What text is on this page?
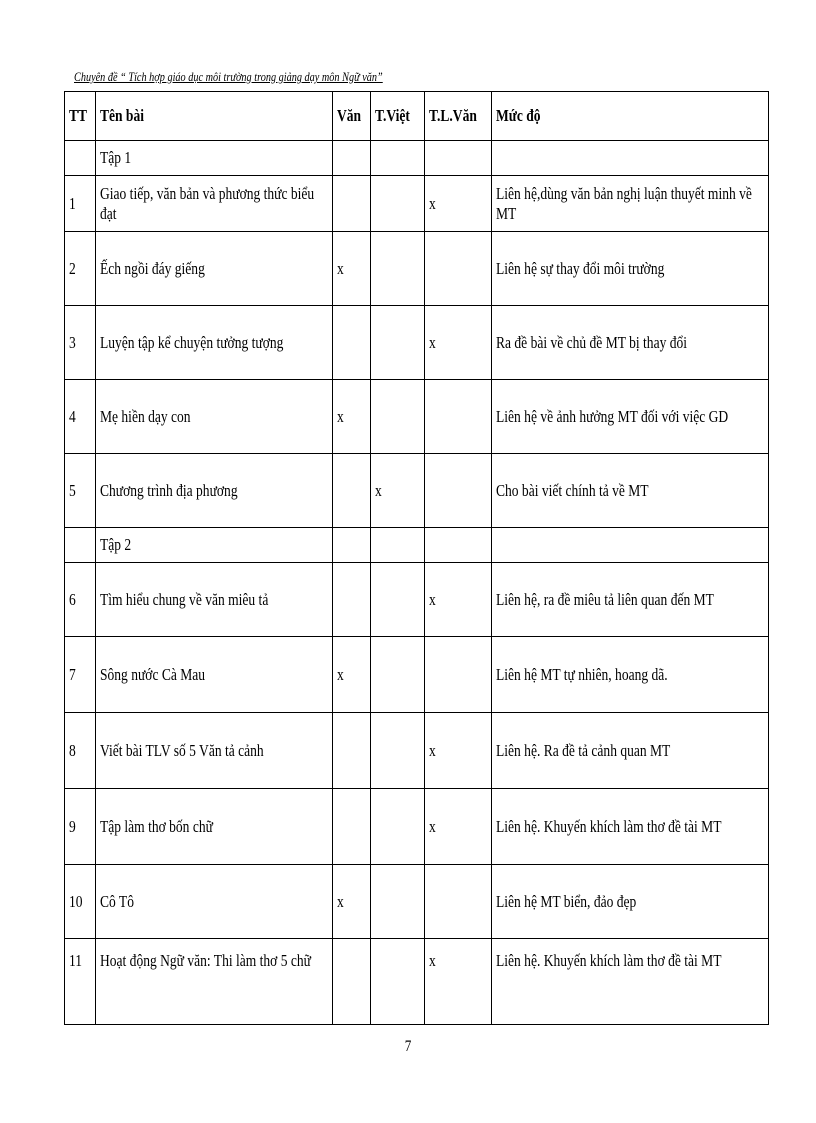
Chuyên đề “ Tích hợp giáo dục môi trường trong giảng dạy môn Ngữ văn”
TT	Tên bài	Văn	T.Việt	T.L.Văn	Mức độ
	Tập 1				
1	Giao tiếp, văn bản và phương thức biểu đạt			x	Liên hệ,dùng văn bản nghị luận thuyết minh về MT

2	Ếch ngồi đáy giếng	x			Liên hệ sự thay đổi môi trường
3	Luyện tập kể chuyện tưởng tượng			x	Ra đề bài về chủ đề MT bị thay đổi
4	Mẹ hiền dạy con	x			Liên hệ về ảnh hưởng MT đối với việc GD
5	Chương trình địa phương		x		Cho bài viết chính tả về MT
	Tập 2				
6	Tìm hiểu chung về văn miêu tả			x	Liên hệ, ra đề miêu tả liên quan đến MT
7	Sông nước Cà Mau	x			Liên hệ MT tự nhiên, hoang dã.
8	Viết bài TLV số 5 Văn tả cảnh			x	Liên hệ. Ra đề tả cảnh quan MT
9	Tập làm thơ bốn chữ			x	Liên hệ. Khuyến khích làm thơ đề tài MT
10	Cô Tô	x			Liên hệ MT biển, đảo đẹp
11	Hoạt động Ngữ văn: Thi làm thơ 5 chữ			x	Liên hệ. Khuyến khích làm thơ đề tài MT
7
